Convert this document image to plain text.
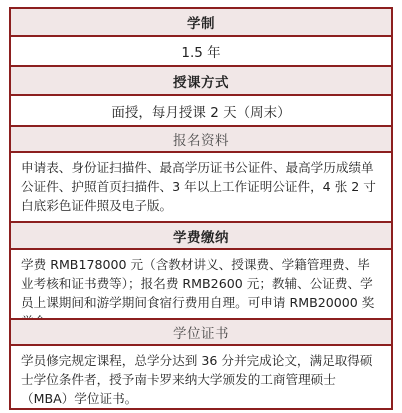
学制
1.5 年
授课方式
面授，每月授课 2 天（周末）
报名资料

申请表、身份证扫描件、最高学历证书公证件、最高学历成绩单公证件、护照首页扫描件、3 年以上工作证明公证件，4 张 2 寸白底彩色证件照及电子版。

学费缴纳

学费 RMB178000 元（含教材讲义、授课费、学籍管理费、毕业考核和证书费等）；报名费 RMB2600 元；教辅、公证费、学员上课期间和游学期间食宿行费用自理。可申请 RMB20000 奖

学位证书

学员修完规定课程，总学分达到 36 分并完成论文，满足取得硕士学位条件者，授予南卡罗来纳大学颁发的工商管理硕士（MBA）学位证书。
